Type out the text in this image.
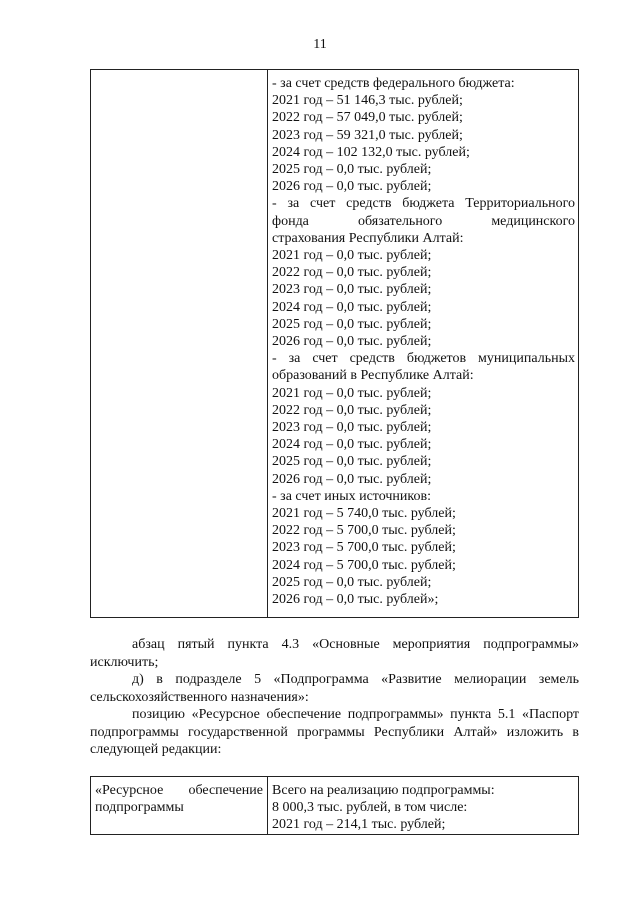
11
- за счет средств федерального бюджета:
2021 год – 51 146,3 тыс. рублей;
2022 год – 57 049,0 тыс. рублей;
2023 год – 59 321,0 тыс. рублей;
2024 год – 102 132,0 тыс. рублей;
2025 год – 0,0 тыс. рублей;
2026 год – 0,0 тыс. рублей;
- за счет средств бюджета Территориального
фонда обязательного медицинского
страхования Республики Алтай:
2021 год – 0,0 тыс. рублей;
2022 год – 0,0 тыс. рублей;
2023 год – 0,0 тыс. рублей;
2024 год – 0,0 тыс. рублей;
2025 год – 0,0 тыс. рублей;
2026 год – 0,0 тыс. рублей;
- за счет средств бюджетов муниципальных
образований в Республике Алтай:
2021 год – 0,0 тыс. рублей;
2022 год – 0,0 тыс. рублей;
2023 год – 0,0 тыс. рублей;
2024 год – 0,0 тыс. рублей;
2025 год – 0,0 тыс. рублей;
2026 год – 0,0 тыс. рублей;
- за счет иных источников:
2021 год – 5 740,0 тыс. рублей;
2022 год – 5 700,0 тыс. рублей;
2023 год – 5 700,0 тыс. рублей;
2024 год – 5 700,0 тыс. рублей;
2025 год – 0,0 тыс. рублей;
2026 год – 0,0 тыс. рублей»;
абзац пятый пункта 4.3 «Основные мероприятия подпрограммы»
исключить;
д) в подразделе 5 «Подпрограмма «Развитие мелиорации земель
сельскохозяйственного назначения»:
позицию «Ресурсное обеспечение подпрограммы» пункта 5.1 «Паспорт
подпрограммы государственной программы Республики Алтай» изложить в
следующей редакции:
«Ресурсное обеспечение
подпрограммы
Всего на реализацию подпрограммы:
8 000,3 тыс. рублей, в том числе:
2021 год – 214,1 тыс. рублей;
